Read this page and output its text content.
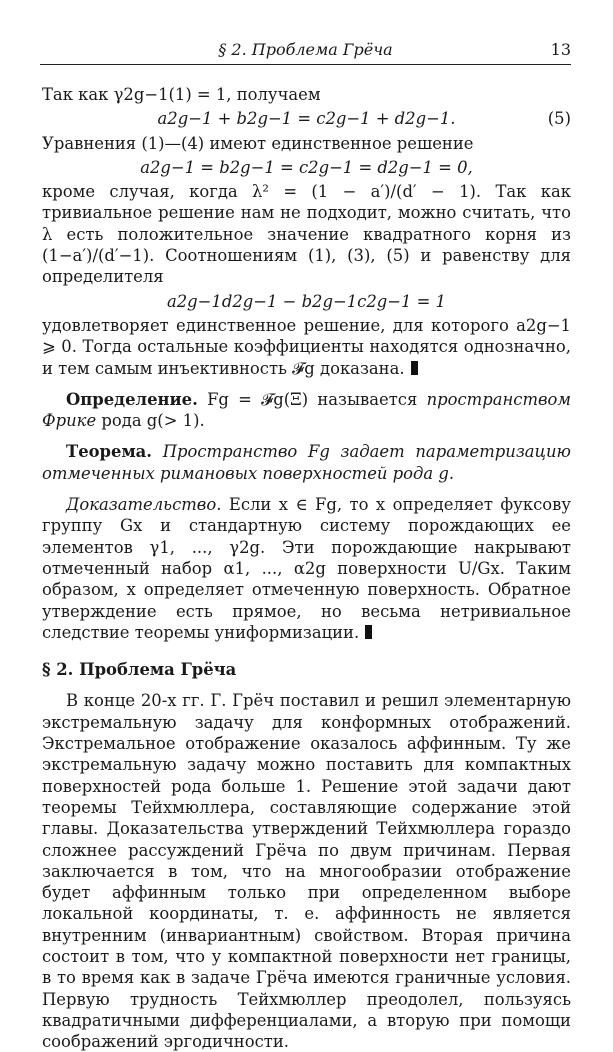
§ 2. Проблема Грёча	13

Так как γ2g−1(1) = 1, получаем

a2g−1 + b2g−1 = c2g−1 + d2g−1.	(5)

Уравнения (1)—(4) имеют единственное решение

a2g−1 = b2g−1 = c2g−1 = d2g−1 = 0,

кроме случая, когда λ² = (1 − a′)/(d′ − 1). Так как тривиальное решение нам не подходит, можно считать, что λ есть положительное значение квадратного корня из (1−a′)/(d′−1). Соотношениям (1), (3), (5) и равенству для определителя

a2g−1d2g−1 − b2g−1c2g−1 = 1

удовлетворяет единственное решение, для которого a2g−1 ⩾ 0. Тогда остальные коэффициенты находятся однозначно, и тем самым инъективность 𝓕g доказана.

Определение. Fg = 𝓕g(Ξ) называется пространством Фрике рода g(> 1).

Теорема. Пространство Fg задает параметризацию отмеченных римановых поверхностей рода g.

Доказательство. Если x ∈ Fg, то x определяет фуксову группу Gx и стандартную систему порождающих ее элементов γ1, ..., γ2g. Эти порождающие накрывают отмеченный набор α1, ..., α2g поверхности U/Gx. Таким образом, x определяет отмеченную поверхность. Обратное утверждение есть прямое, но весьма нетривиальное следствие теоремы униформизации.

§ 2. Проблема Грёча

В конце 20-х гг. Г. Грёч поставил и решил элементарную экстремальную задачу для конформных отображений. Экстремальное отображение оказалось аффинным. Ту же экстремальную задачу можно поставить для компактных поверхностей рода больше 1. Решение этой задачи дают теоремы Тейхмюллера, составляющие содержание этой главы. Доказательства утверждений Тейхмюллера гораздо сложнее рассуждений Грёча по двум причинам. Первая заключается в том, что на многообразии отображение будет аффинным только при определенном выборе локальной координаты, т. е. аффинность не является внутренним (инвариантным) свойством. Вторая причина состоит в том, что у компактной поверхности нет границы, в то время как в задаче Грёча имеются граничные условия. Первую трудность Тейхмюллер преодолел, пользуясь квадратичными дифференциалами, а вторую при помощи соображений эргодичности.
